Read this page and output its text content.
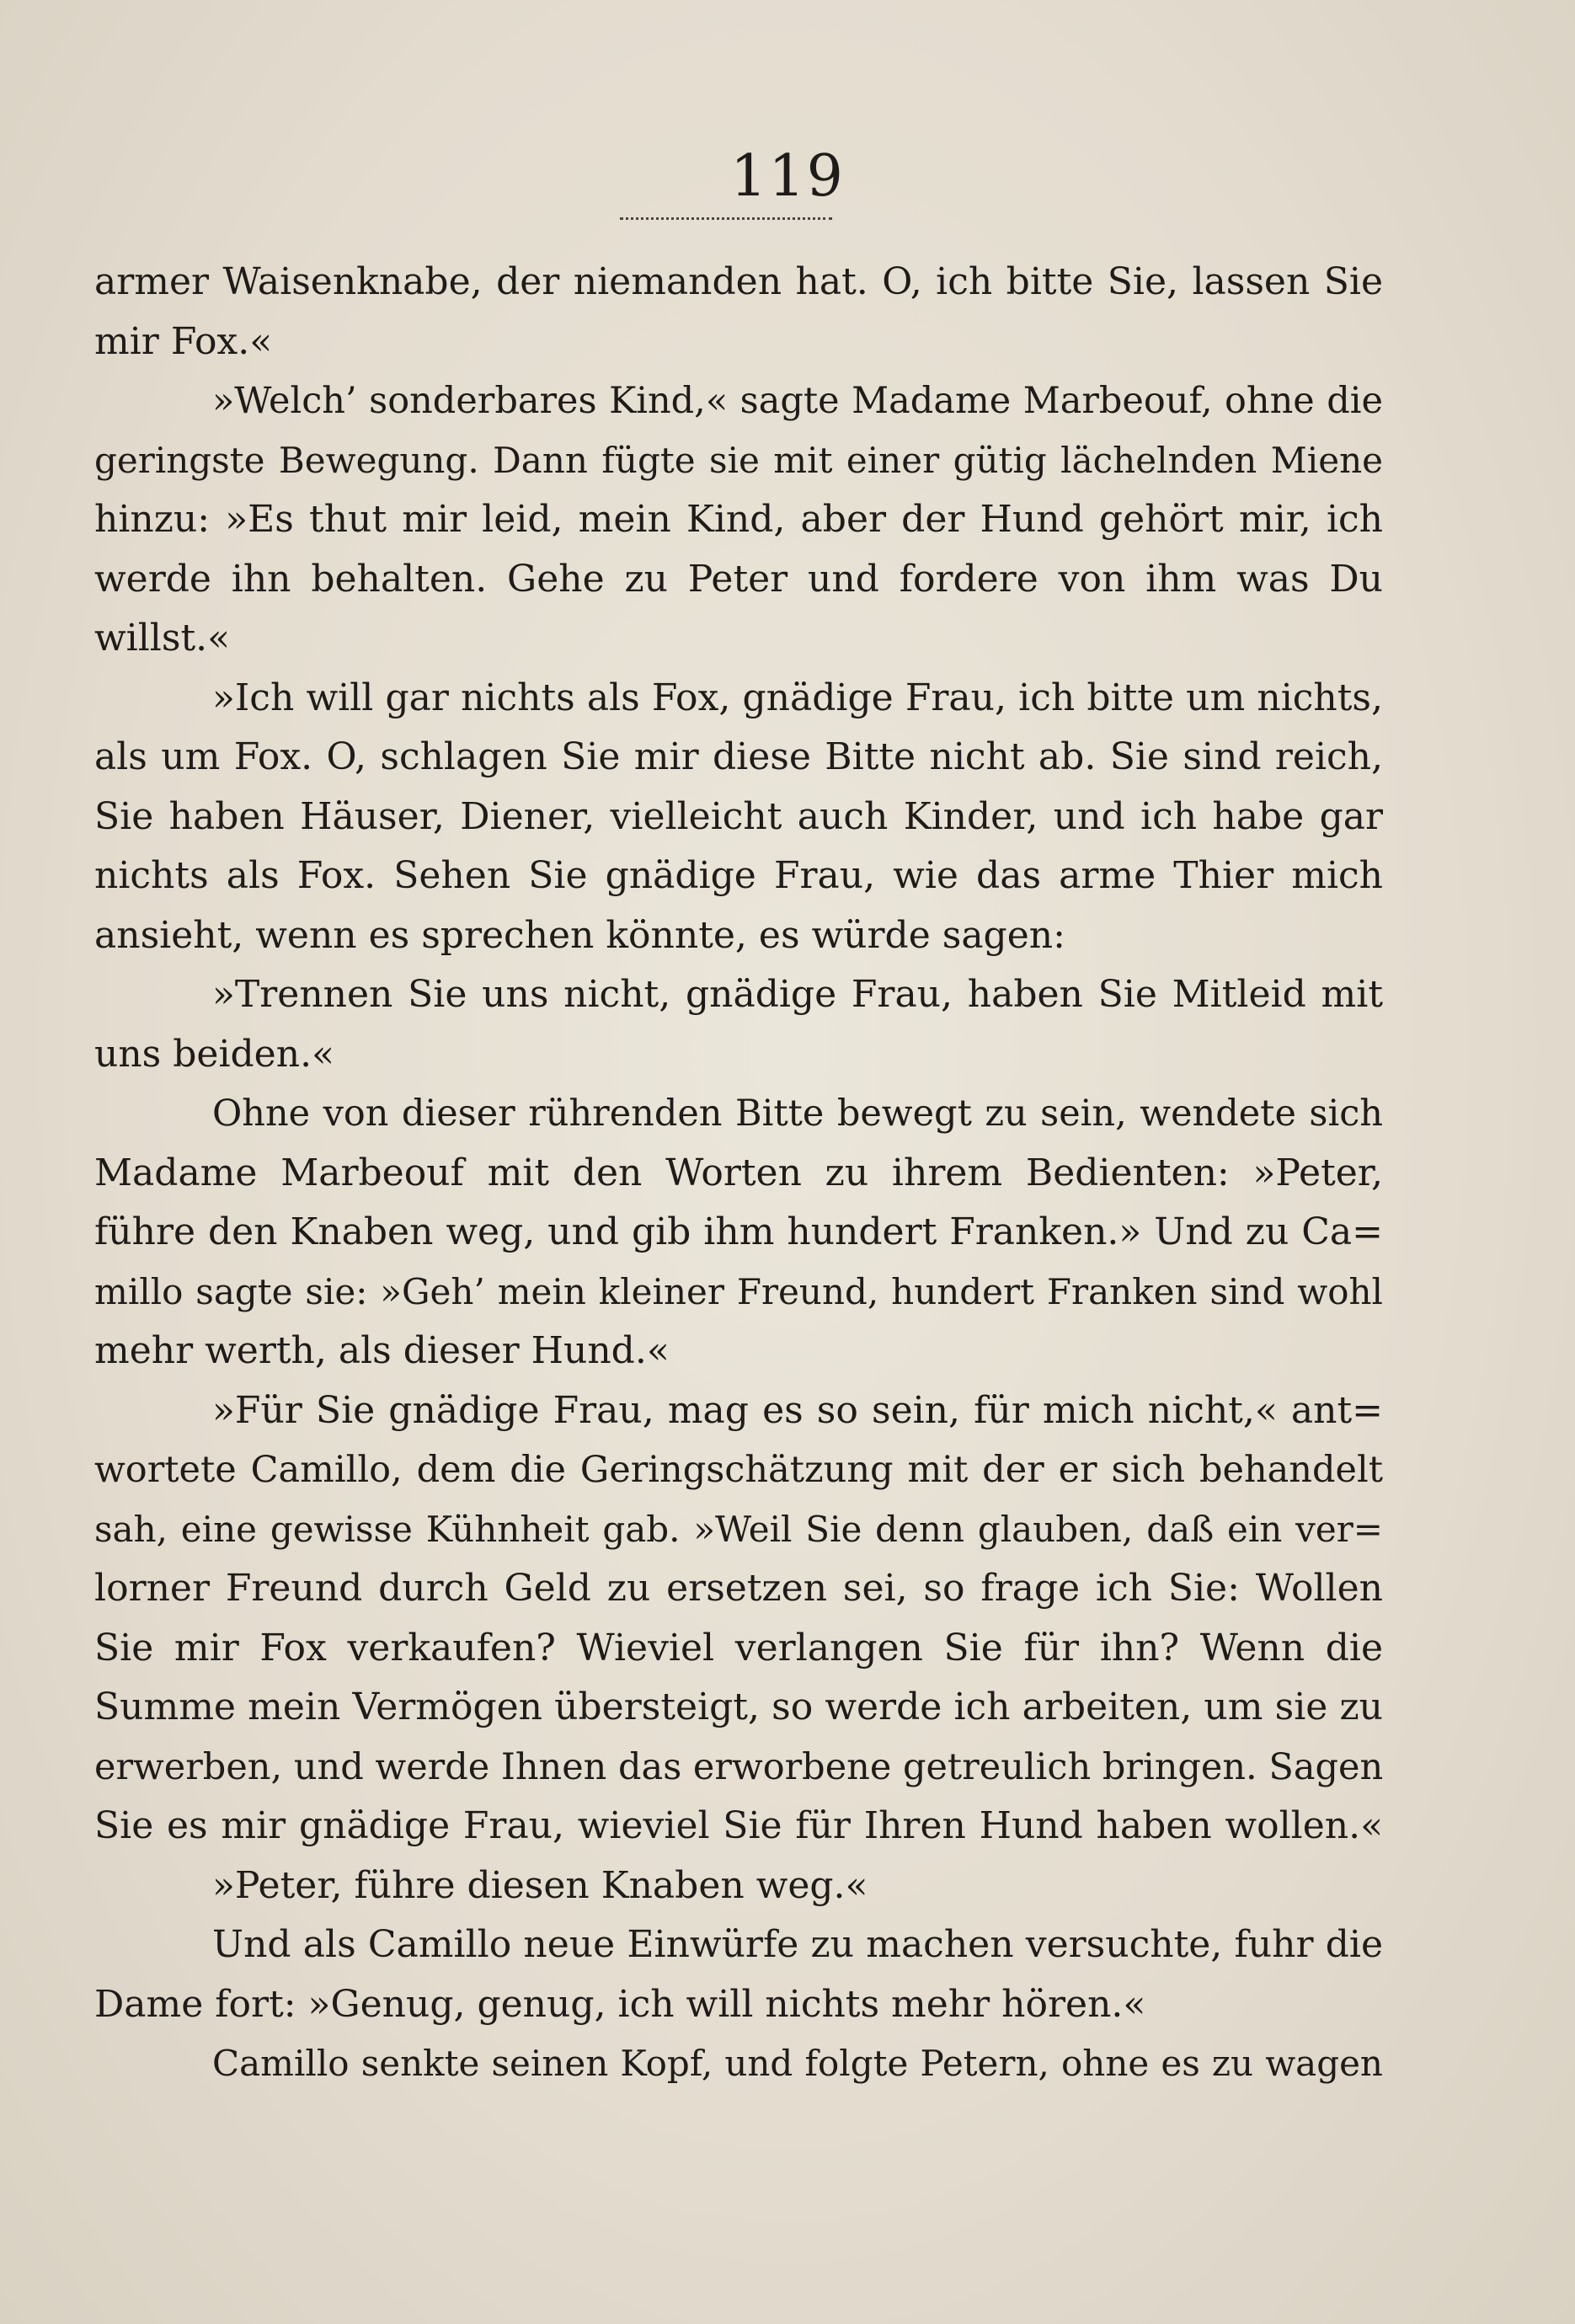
119
armer Waisenknabe, der niemanden hat. O, ich bitte Sie, lassen Sie
mir Fox.«
»Welch’ sonderbares Kind,« sagte Madame Marbeouf, ohne die
geringste Bewegung. Dann fügte sie mit einer gütig lächelnden Miene
hinzu: »Es thut mir leid, mein Kind, aber der Hund gehört mir, ich
werde ihn behalten. Gehe zu Peter und fordere von ihm was Du
willst.«
»Ich will gar nichts als Fox, gnädige Frau, ich bitte um nichts,
als um Fox. O, schlagen Sie mir diese Bitte nicht ab. Sie sind reich,
Sie haben Häuser, Diener, vielleicht auch Kinder, und ich habe gar
nichts als Fox. Sehen Sie gnädige Frau, wie das arme Thier mich
ansieht, wenn es sprechen könnte, es würde sagen:
»Trennen Sie uns nicht, gnädige Frau, haben Sie Mitleid mit
uns beiden.«
Ohne von dieser rührenden Bitte bewegt zu sein, wendete sich
Madame Marbeouf mit den Worten zu ihrem Bedienten: »Peter,
führe den Knaben weg, und gib ihm hundert Franken.» Und zu Ca=
millo sagte sie: »Geh’ mein kleiner Freund, hundert Franken sind wohl
mehr werth, als dieser Hund.«
»Für Sie gnädige Frau, mag es so sein, für mich nicht,« ant=
wortete Camillo, dem die Geringschätzung mit der er sich behandelt
sah, eine gewisse Kühnheit gab. »Weil Sie denn glauben, daß ein ver=
lorner Freund durch Geld zu ersetzen sei, so frage ich Sie: Wollen
Sie mir Fox verkaufen? Wieviel verlangen Sie für ihn? Wenn die
Summe mein Vermögen übersteigt, so werde ich arbeiten, um sie zu
erwerben, und werde Ihnen das erworbene getreulich bringen. Sagen
Sie es mir gnädige Frau, wieviel Sie für Ihren Hund haben wollen.«
»Peter, führe diesen Knaben weg.«
Und als Camillo neue Einwürfe zu machen versuchte, fuhr die
Dame fort: »Genug, genug, ich will nichts mehr hören.«
Camillo senkte seinen Kopf, und folgte Petern, ohne es zu wagen
